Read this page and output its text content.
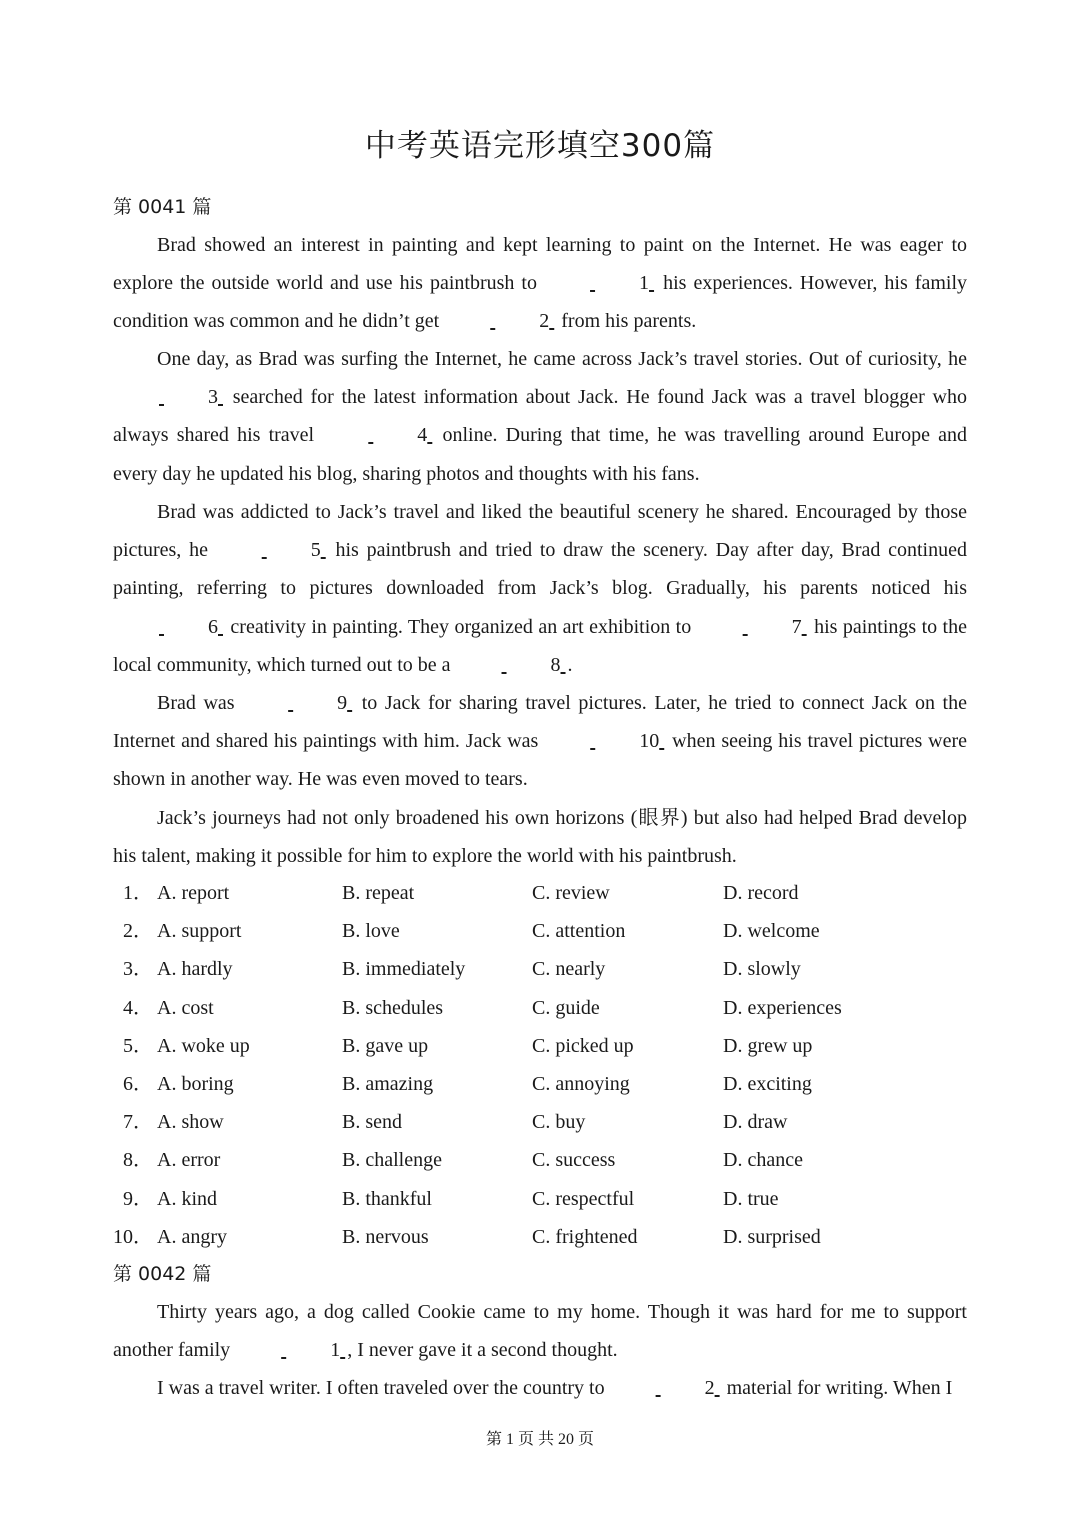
中考英语完形填空300篇
第 0041 篇
Brad showed an interest in painting and kept learning to paint on the Internet. He was eager to explore the outside world and use his paintbrush to	1 his experiences. However, his family condition was common and he didn’t get	2 from his parents.
One day, as Brad was surfing the Internet, he came across Jack’s travel stories. Out of curiosity, he  3 searched for the latest information about Jack. He found Jack was a travel blogger who always shared his travel	4 online. During that time, he was travelling around Europe and every day he updated his blog, sharing photos and thoughts with his fans.
Brad was addicted to Jack’s travel and liked the beautiful scenery he shared. Encouraged by those pictures, he	5 his paintbrush and tried to draw the scenery. Day after day, Brad continued painting, referring to pictures downloaded from Jack’s blog. Gradually, his parents noticed his  6 creativity in painting. They organized an art exhibition to	7 his paintings to the local community, which turned out to be a	8 .
Brad was	9 to Jack for sharing travel pictures. Later, he tried to connect Jack on the Internet and shared his paintings with him. Jack was	10 when seeing his travel pictures were shown in another way. He was even moved to tears.
Jack’s journeys had not only broadened his own horizons (眼界) but also had helped Brad develop his talent, making it possible for him to explore the world with his paintbrush.
1． A. report	B. repeat	C. review	D. record
2． A. support	B. love	C. attention	D. welcome
3． A. hardly	B. immediately	C. nearly	D. slowly
4． A. cost	B. schedules	C. guide	D. experiences
5． A. woke up	B. gave up	C. picked up	D. grew up
6． A. boring	B. amazing	C. annoying	D. exciting
7． A. show	B. send	C. buy	D. draw
8． A. error	B. challenge	C. success	D. chance
9． A. kind	B. thankful	C. respectful	D. true
10． A. angry	B. nervous	C. frightened	D. surprised
第 0042 篇
Thirty years ago, a dog called Cookie came to my home. Though it was hard for me to support another family	1 , I never gave it a second thought.
I was a travel writer. I often traveled over the country to	2 material for writing. When I
第 1 页 共 20 页
